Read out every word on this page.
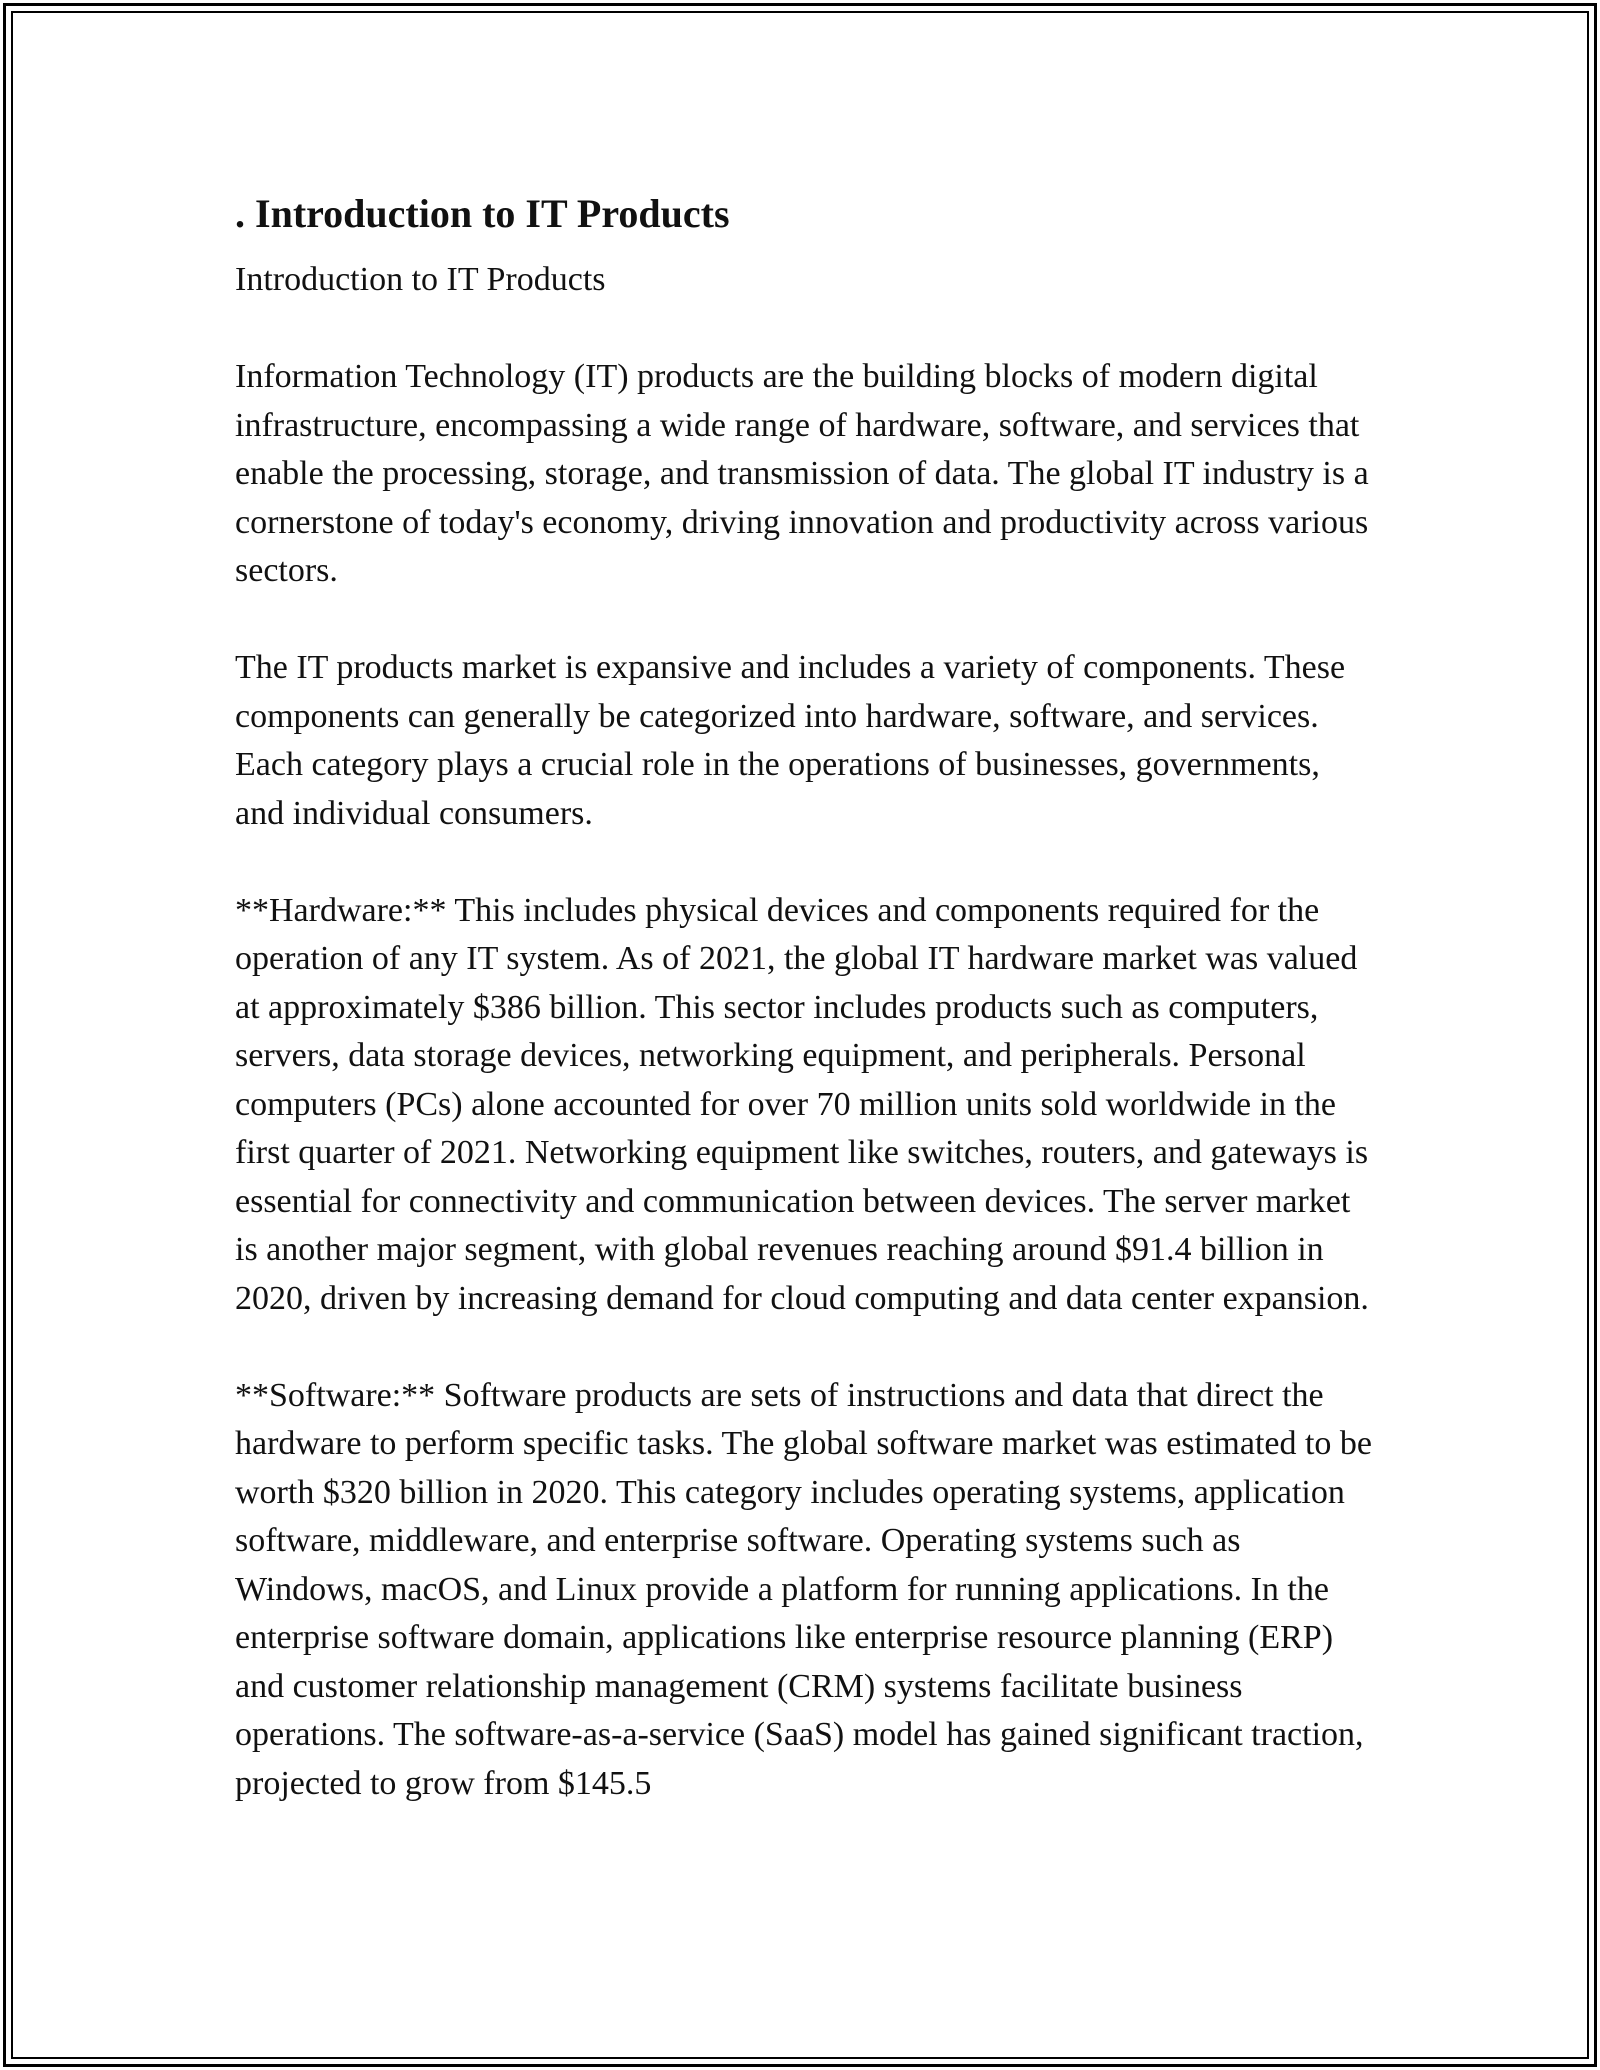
. Introduction to IT Products

Introduction to IT Products

Information Technology (IT) products are the building blocks of modern digital infrastructure, encompassing a wide range of hardware, software, and services that enable the processing, storage, and transmission of data. The global IT industry is a cornerstone of today's economy, driving innovation and productivity across various sectors.

The IT products market is expansive and includes a variety of components. These components can generally be categorized into hardware, software, and services. Each category plays a crucial role in the operations of businesses, governments, and individual consumers.

**Hardware:** This includes physical devices and components required for the operation of any IT system. As of 2021, the global IT hardware market was valued at approximately $386 billion. This sector includes products such as computers, servers, data storage devices, networking equipment, and peripherals. Personal computers (PCs) alone accounted for over 70 million units sold worldwide in the first quarter of 2021. Networking equipment like switches, routers, and gateways is essential for connectivity and communication between devices. The server market is another major segment, with global revenues reaching around $91.4 billion in 2020, driven by increasing demand for cloud computing and data center expansion.

**Software:** Software products are sets of instructions and data that direct the hardware to perform specific tasks. The global software market was estimated to be worth $320 billion in 2020. This category includes operating systems, application software, middleware, and enterprise software. Operating systems such as Windows, macOS, and Linux provide a platform for running applications. In the enterprise software domain, applications like enterprise resource planning (ERP) and customer relationship management (CRM) systems facilitate business operations. The software-as-a-service (SaaS) model has gained significant traction, projected to grow from $145.5
